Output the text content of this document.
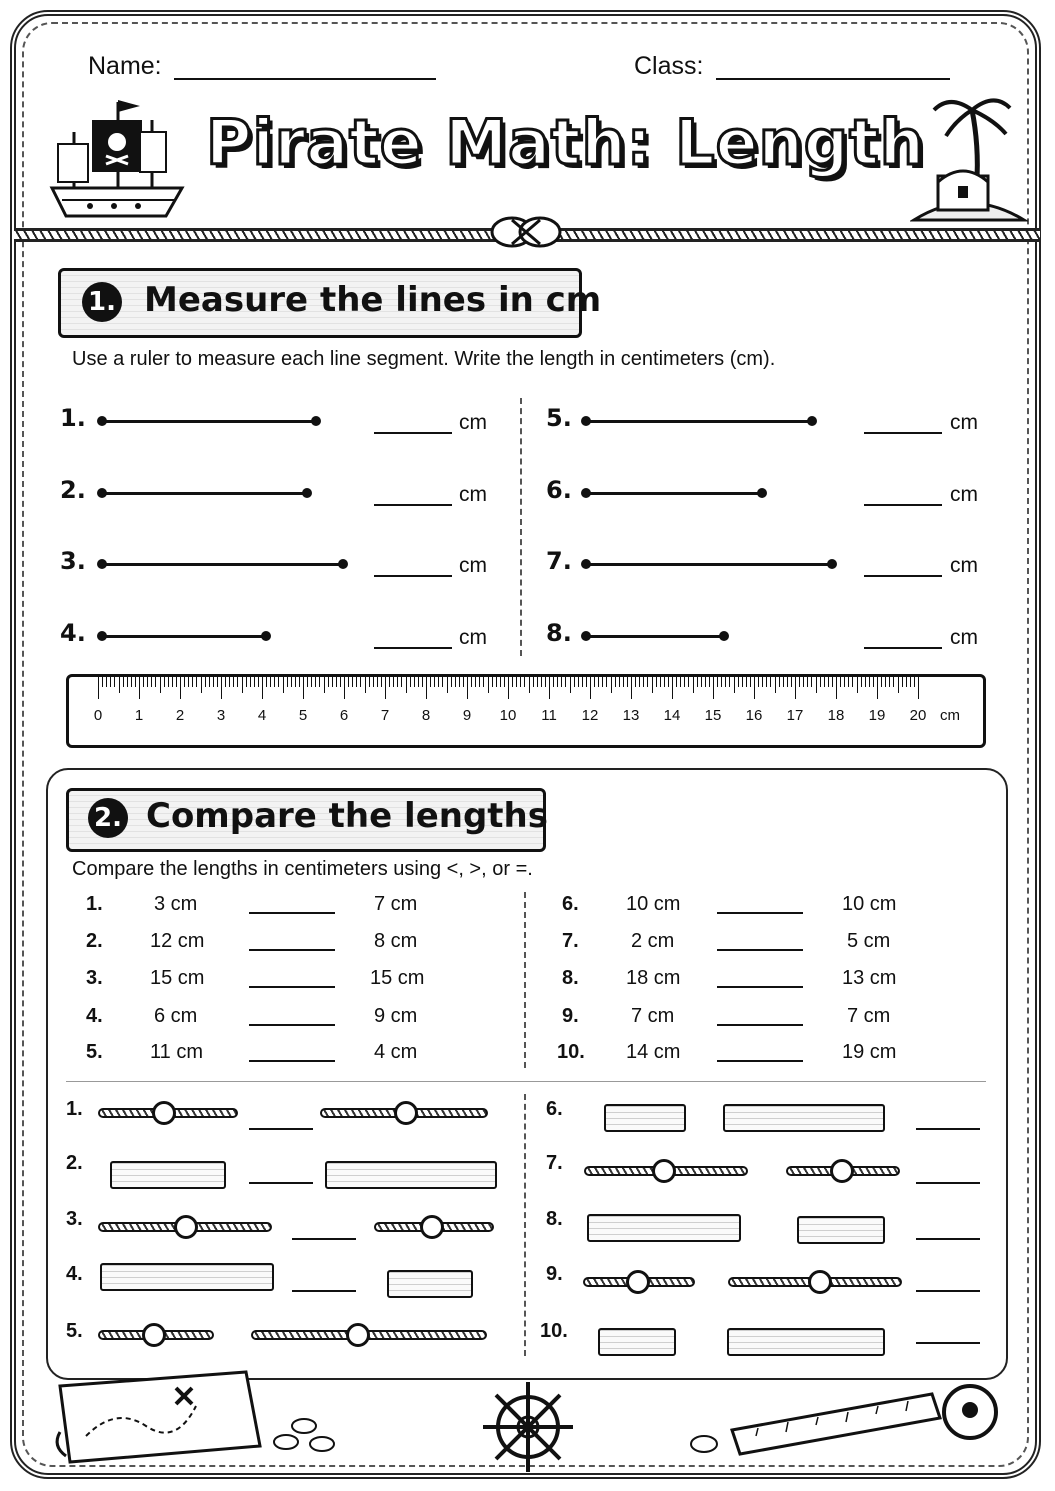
Name:	Class:
Pirate Math: Length
1. Measure the lines in cm
Use a ruler to measure each line segment. Write the length in centimeters (cm).
1.	cm
2.	cm
3.	cm
4.	cm
5.	cm
6.	cm
7.	cm
8.	cm
0 1 2 3 4 5 6 7 8 9 10 11 12 13 14 15 16 17 18 19 20 cm
2. Compare the lengths
Compare the lengths in centimeters using <, >, or =.
1.	3 cm	7 cm
2. 12 cm	8 cm
3. 15 cm	15 cm
4.	6 cm	9 cm
5. 11 cm	4 cm
6. 10 cm	10 cm
7.	2 cm	5 cm
8. 18 cm	13 cm
9.	7 cm	7 cm
10. 14 cm	19 cm
1.
2.
3.
4.
5.
6.
7.
8.
9.
10.
